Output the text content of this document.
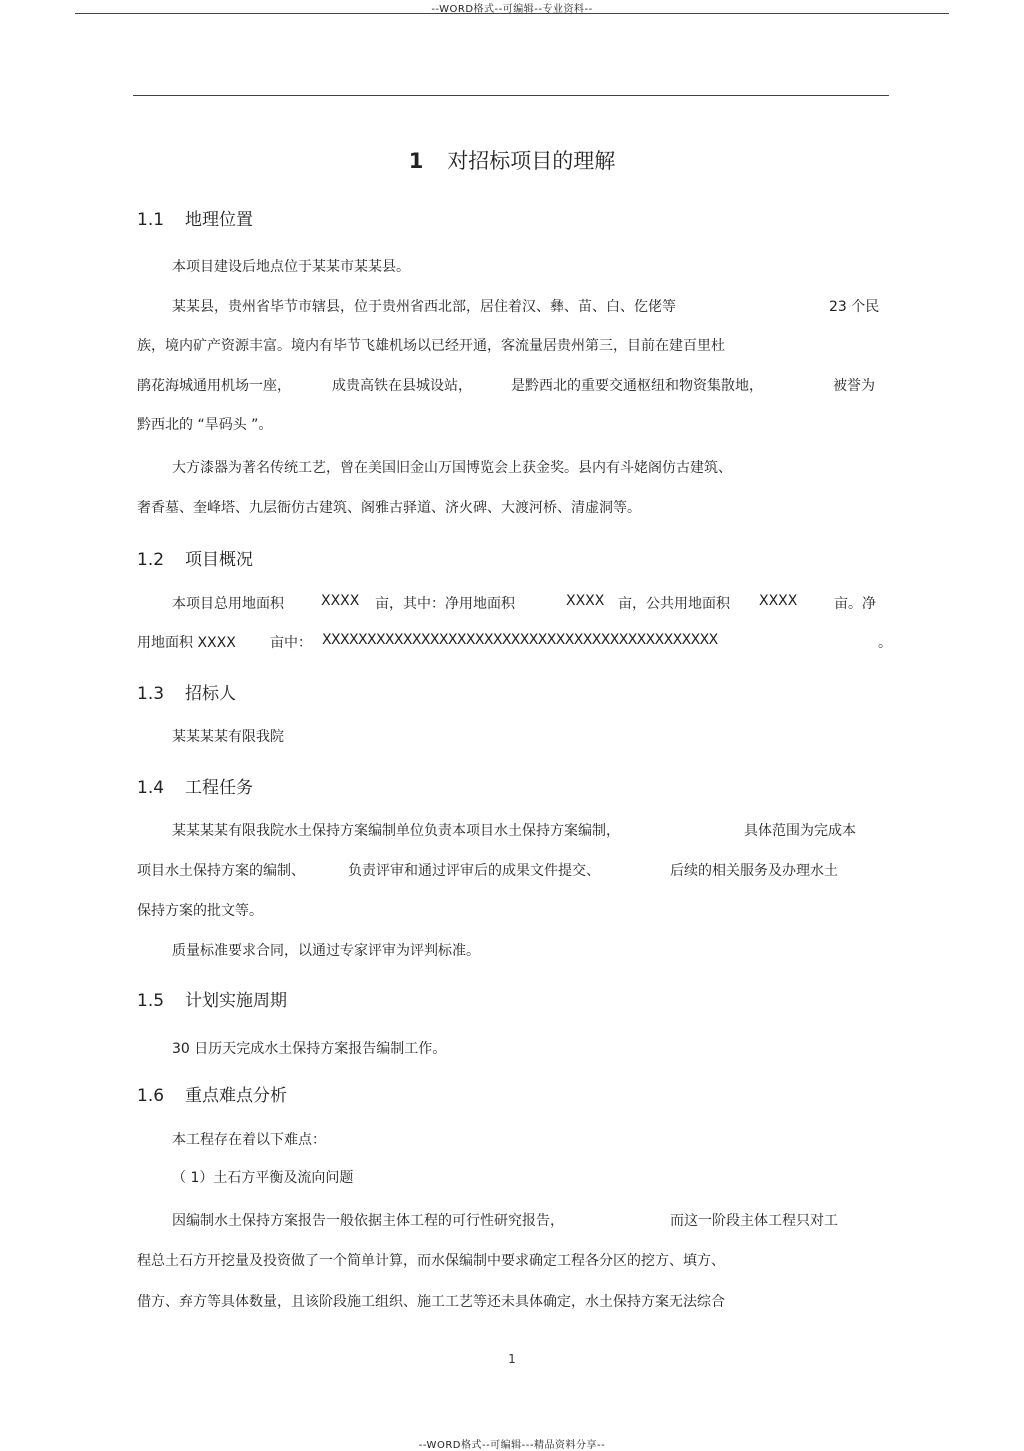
--WORD格式--可编辑--专业资料--
1 对招标项目的理解
1.1 地理位置
本项目建设后地点位于某某市某某县。
某某县，贵州省毕节市辖县，位于贵州省西北部，居住着汉、彝、苗、白、仡佬等	23 个民
族，境内矿产资源丰富。境内有毕节飞雄机场以已经开通，客流量居贵州第三，目前在建百里杜
鹃花海城通用机场一座，	成贵高铁在县城设站，	是黔西北的重要交通枢纽和物资集散地，	被誉为
黔西北的 “旱码头 ”。
大方漆器为著名传统工艺，曾在美国旧金山万国博览会上获金奖。县内有斗姥阁仿古建筑、
奢香墓、奎峰塔、九层衙仿古建筑、阁雅古驿道、济火碑、大渡河桥、清虚洞等。
1.2 项目概况
本项目总用地面积	XXXX 亩，其中：净用地面积	XXXX 亩，公共用地面积 XXXX	亩。净
用地面积 XXXX 亩中： XXXXXXXXXXXXXXXXXXXXXXXXXXXXXXXXXXXXXXXXXXXX	。
1.3 招标人
某某某某有限我院
1.4 工程任务
某某某某有限我院水土保持方案编制单位负责本项目水土保持方案编制，	具体范围为完成本
项目水土保持方案的编制、	负责评审和通过评审后的成果文件提交、	后续的相关服务及办理水土
保持方案的批文等。
质量标准要求合同，以通过专家评审为评判标准。
1.5 计划实施周期
30 日历天完成水土保持方案报告编制工作。
1.6 重点难点分析
本工程存在着以下难点：
（ 1）土石方平衡及流向问题
因编制水土保持方案报告一般依据主体工程的可行性研究报告，	而这一阶段主体工程只对工
程总土石方开挖量及投资做了一个简单计算，而水保编制中要求确定工程各分区的挖方、填方、
借方、弃方等具体数量，且该阶段施工组织、施工工艺等还未具体确定，水土保持方案无法综合
1
--WORD格式--可编辑---精品资料分享--
